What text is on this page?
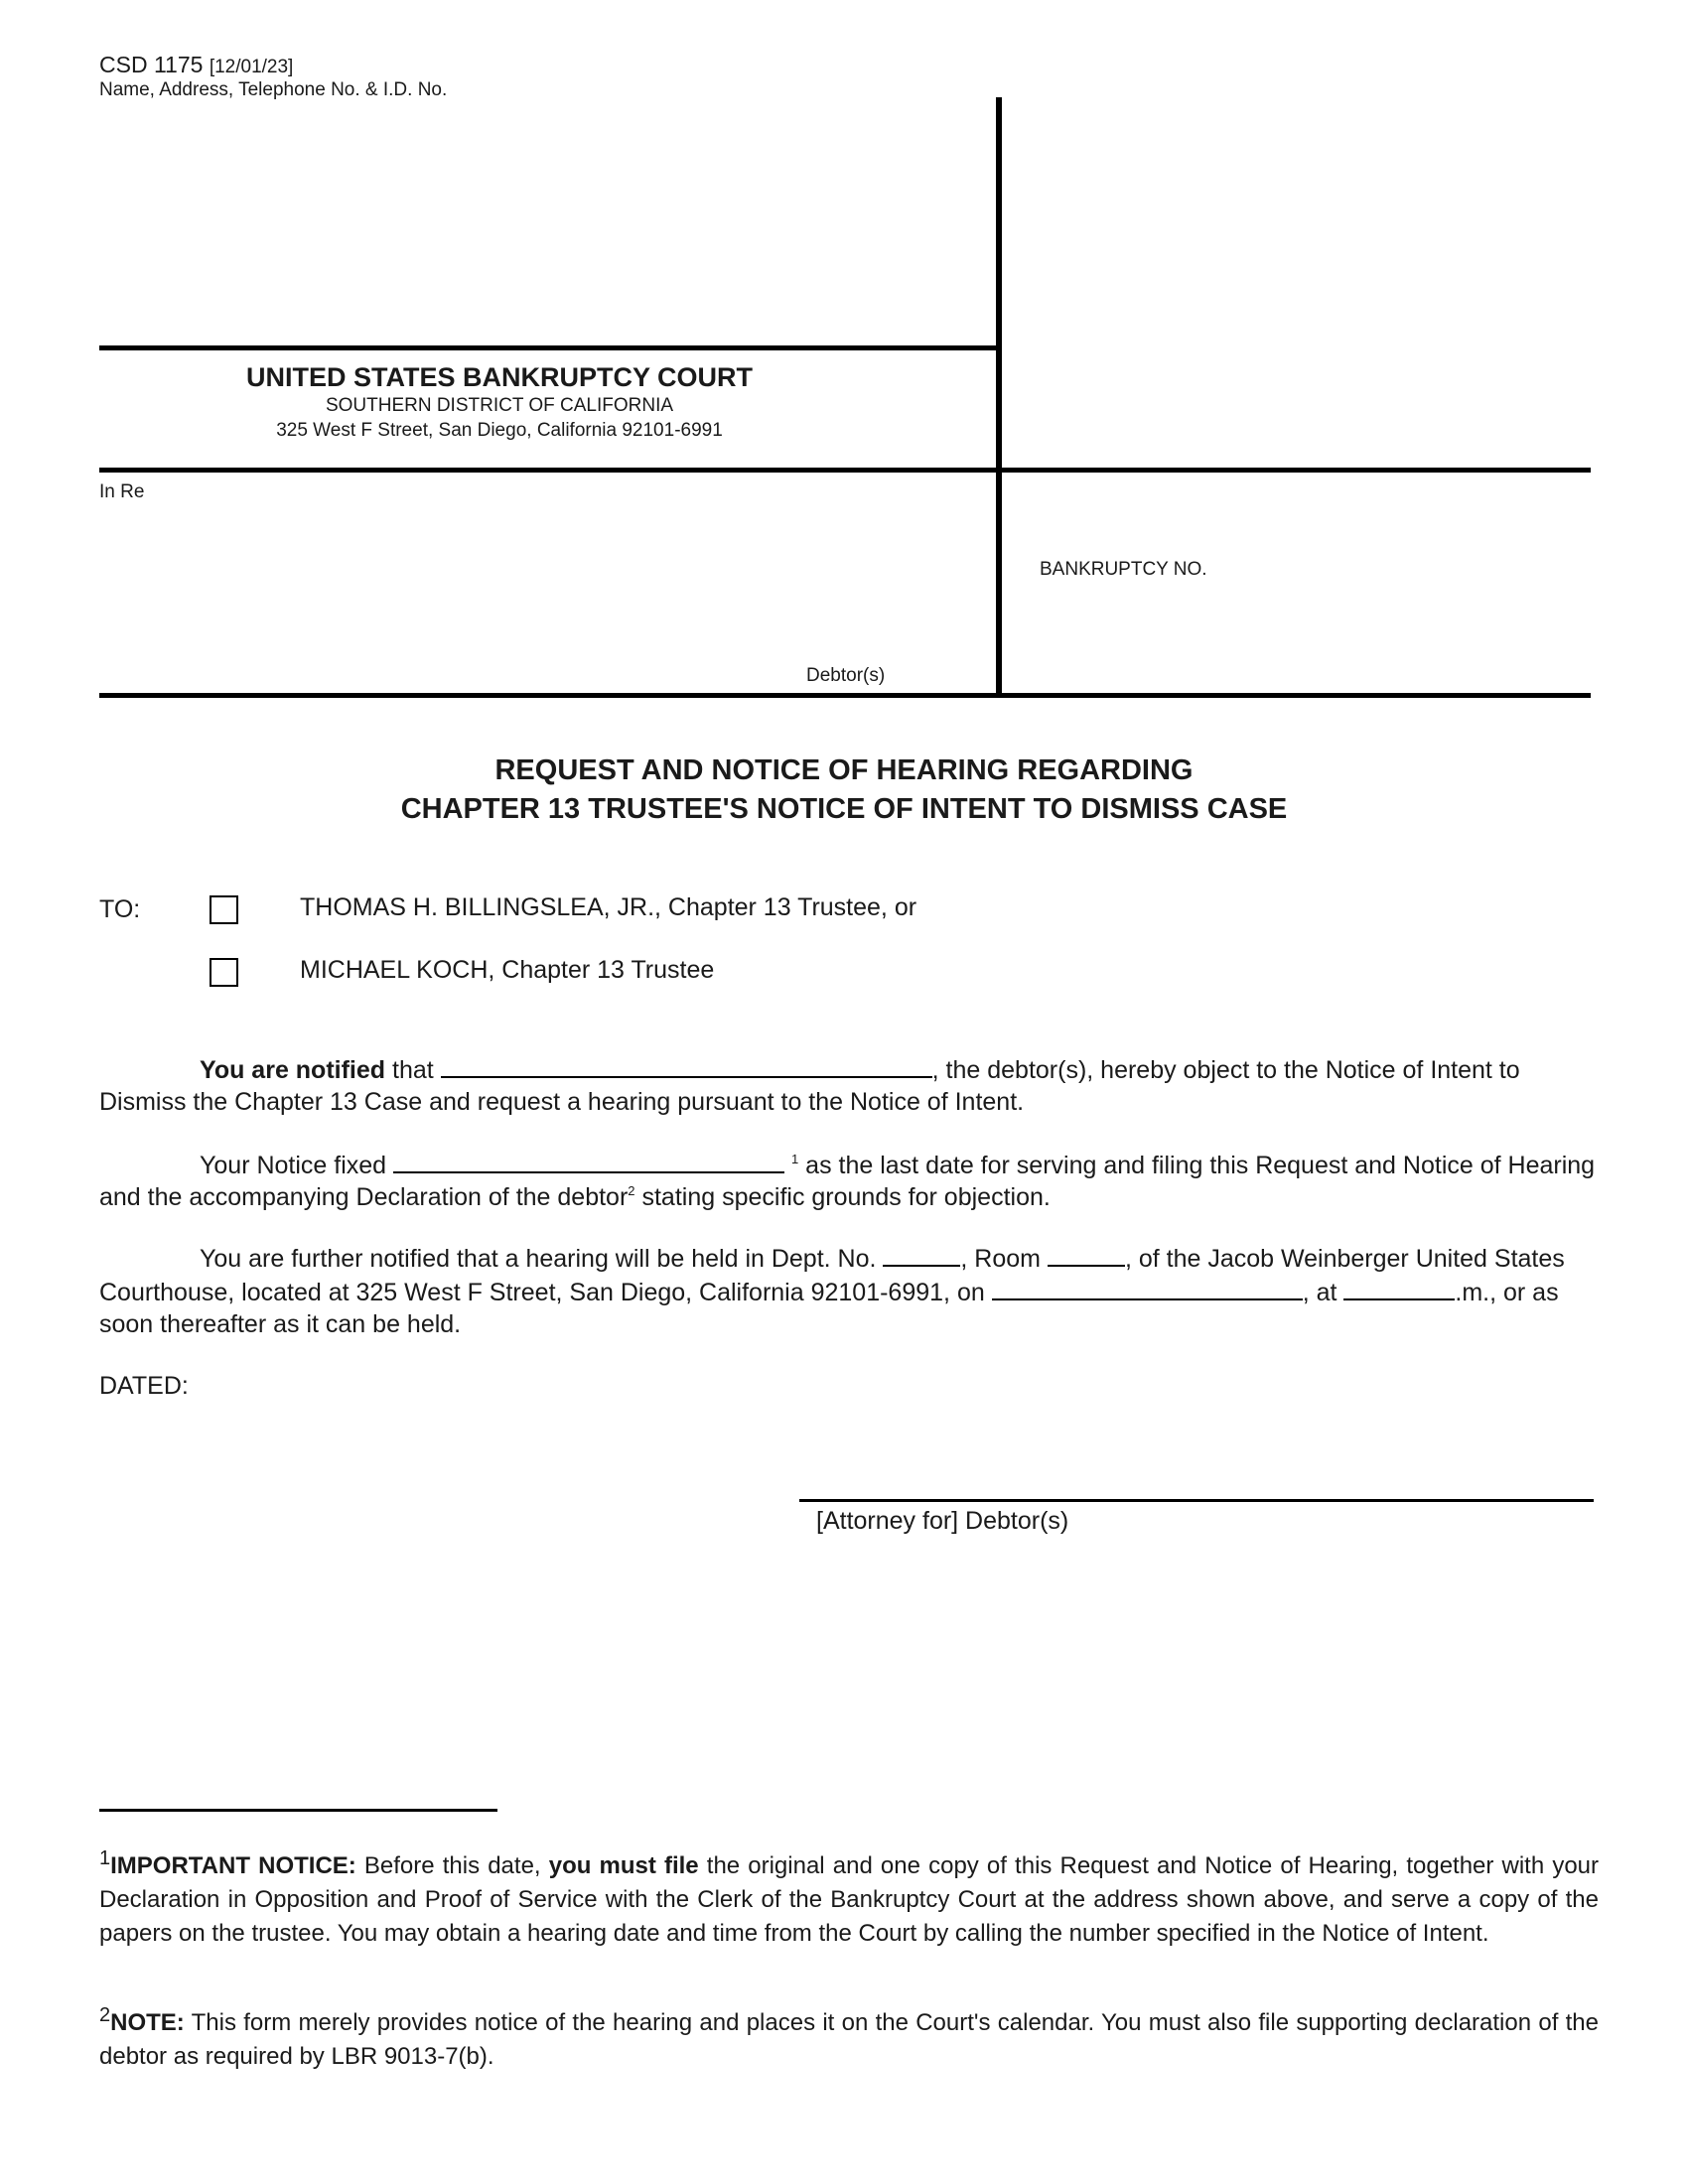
CSD 1175 [12/01/23]
Name, Address, Telephone No. & I.D. No.
UNITED STATES BANKRUPTCY COURT
SOUTHERN DISTRICT OF CALIFORNIA
325 West F Street, San Diego, California 92101-6991
In Re
BANKRUPTCY NO.
Debtor(s)
REQUEST AND NOTICE OF HEARING REGARDING
CHAPTER 13 TRUSTEE'S NOTICE OF INTENT TO DISMISS CASE
TO:	THOMAS H. BILLINGSLEA, JR., Chapter 13 Trustee, or
MICHAEL KOCH, Chapter 13 Trustee
You are notified that	, the debtor(s), hereby object to the Notice of Intent to Dismiss the Chapter 13 Case and request a hearing pursuant to the Notice of Intent.
Your Notice fixed	$^1$ as the last date for serving and filing this Request and Notice of Hearing and the accompanying Declaration of the debtor$^2$ stating specific grounds for objection.
You are further notified that a hearing will be held in Dept. No.	, Room	, of the Jacob Weinberger United States Courthouse, located at 325 West F Street, San Diego, California 92101-6991, on	, at	.m., or as soon thereafter as it can be held.
DATED:
[Attorney for] Debtor(s)
$^1$IMPORTANT NOTICE: Before this date, you must file the original and one copy of this Request and Notice of Hearing, together with your Declaration in Opposition and Proof of Service with the Clerk of the Bankruptcy Court at the address shown above, and serve a copy of the papers on the trustee. You may obtain a hearing date and time from the Court by calling the number specified in the Notice of Intent.
$^2$NOTE: This form merely provides notice of the hearing and places it on the Court's calendar. You must also file supporting declaration of the debtor as required by LBR 9013-7(b).
